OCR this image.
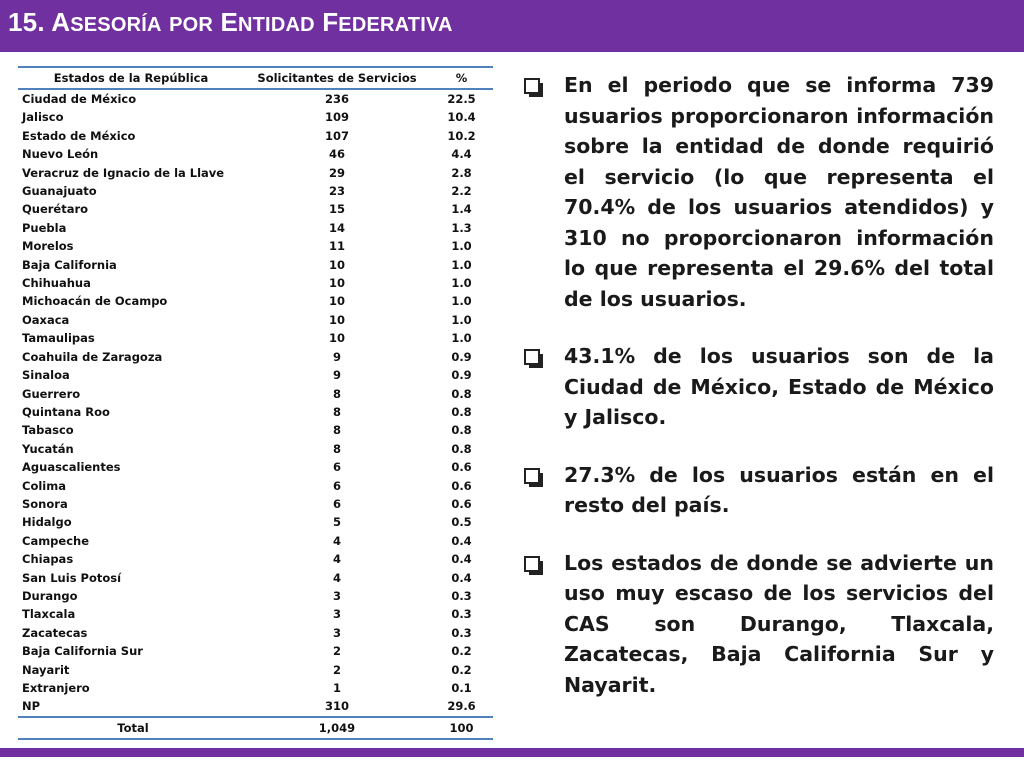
15. ASESORÍA POR ENTIDAD FEDERATIVA
Estados de la República	Solicitantes de Servicios	%
Ciudad de México	236	22.5
Jalisco	109	10.4
Estado de México	107	10.2
Nuevo León	46	4.4
Veracruz de Ignacio de la Llave	29	2.8
Guanajuato	23	2.2
Querétaro	15	1.4
Puebla	14	1.3
Morelos	11	1.0
Baja California	10	1.0
Chihuahua	10	1.0
Michoacán de Ocampo	10	1.0
Oaxaca	10	1.0
Tamaulipas	10	1.0
Coahuila de Zaragoza	9	0.9
Sinaloa	9	0.9
Guerrero	8	0.8
Quintana Roo	8	0.8
Tabasco	8	0.8
Yucatán	8	0.8
Aguascalientes	6	0.6
Colima	6	0.6
Sonora	6	0.6
Hidalgo	5	0.5
Campeche	4	0.4
Chiapas	4	0.4
San Luis Potosí	4	0.4
Durango	3	0.3
Tlaxcala	3	0.3
Zacatecas	3	0.3
Baja California Sur	2	0.2
Nayarit	2	0.2
Extranjero	1	0.1
NP	310	29.6
Total	1,049	100
En el periodo que se informa 739 usuarios proporcionaron información sobre la entidad de donde requirió el servicio (lo que representa el 70.4% de los usuarios atendidos) y 310 no proporcionaron información lo que representa el 29.6% del total de los usuarios.
43.1% de los usuarios son de la Ciudad de México, Estado de México y Jalisco.
27.3% de los usuarios están en el resto del país.
Los estados de donde se advierte un uso muy escaso de los servicios del CAS son Durango, Tlaxcala, Zacatecas, Baja California Sur y Nayarit.
